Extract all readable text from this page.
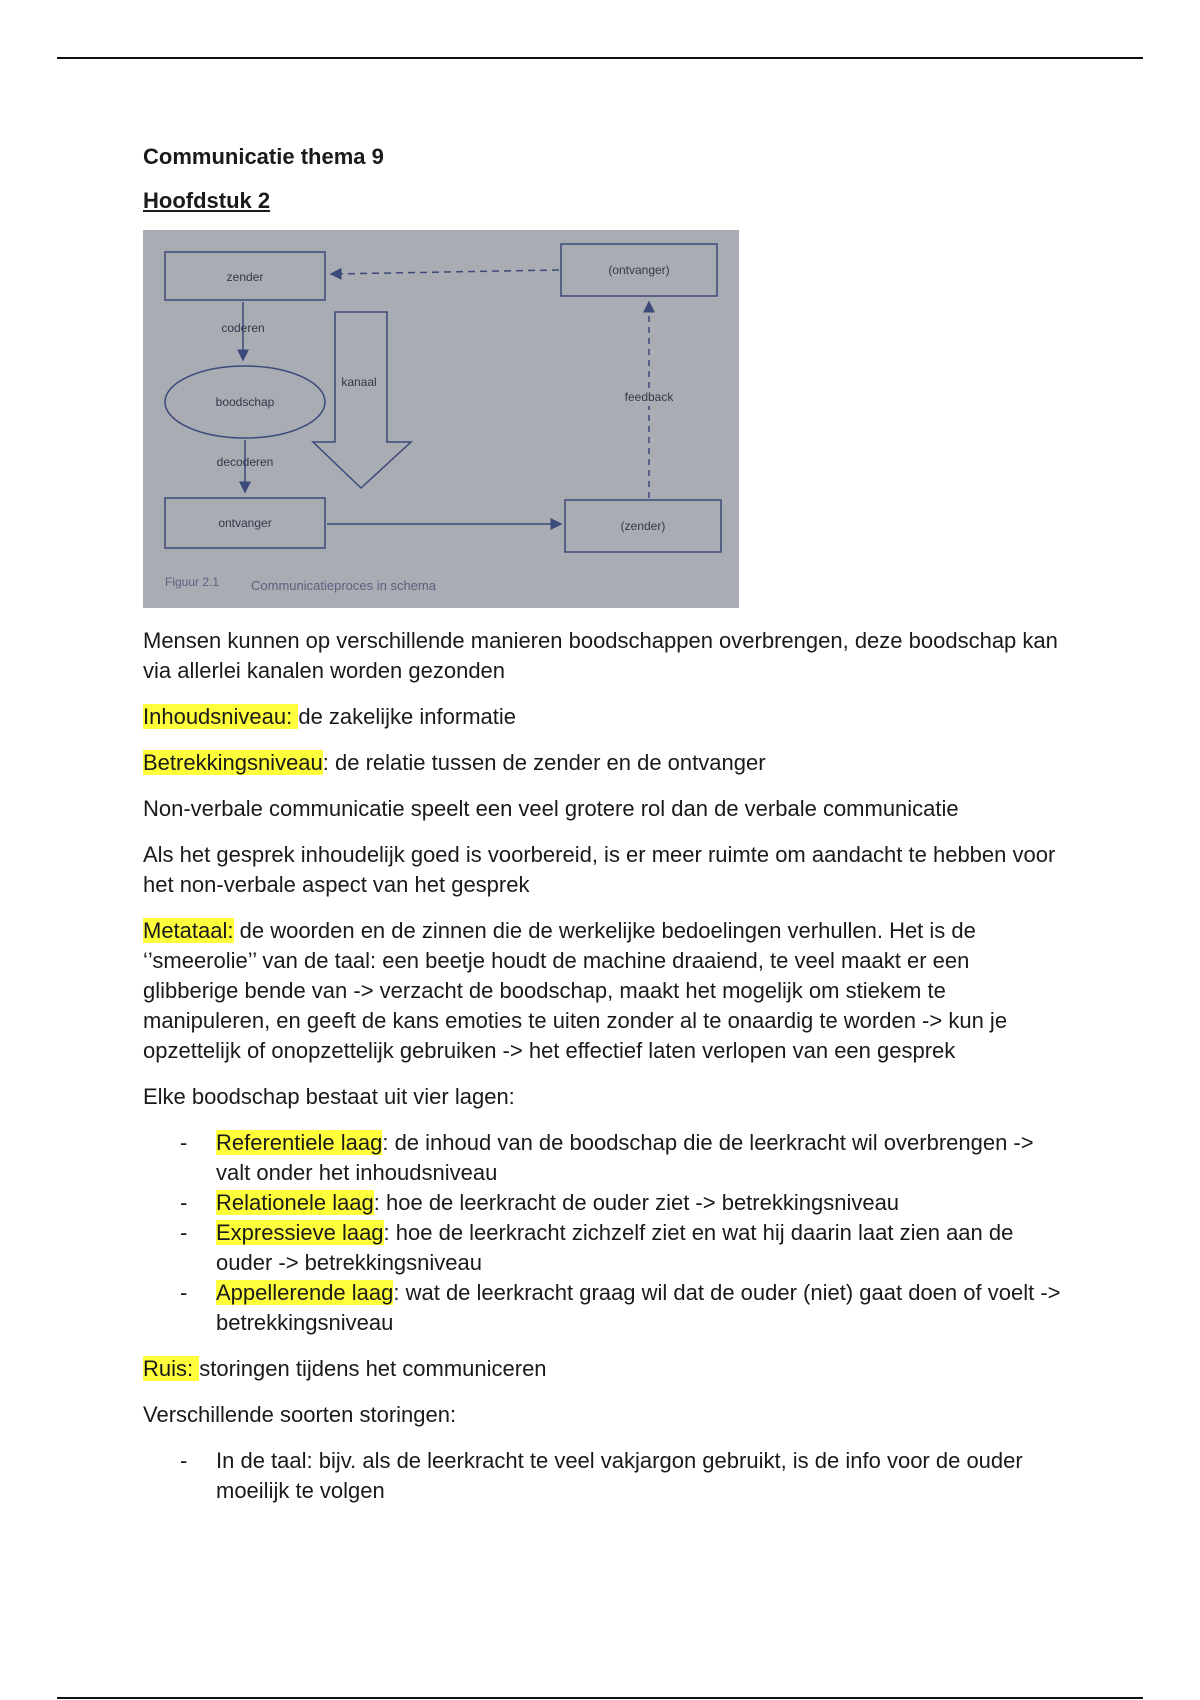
Communicatie thema 9
Hoofdstuk 2
zender	(ontvanger)
coderen
boodschap
kanaal
decoderen
ontvanger	(zender)
feedback
Figuur 2.1 Communicatieproces in schema

Mensen kunnen op verschillende manieren boodschappen overbrengen, deze boodschap kan via allerlei kanalen worden gezonden

Inhoudsniveau: de zakelijke informatie

Betrekkingsniveau: de relatie tussen de zender en de ontvanger

Non-verbale communicatie speelt een veel grotere rol dan de verbale communicatie

Als het gesprek inhoudelijk goed is voorbereid, is er meer ruimte om aandacht te hebben voor het non-verbale aspect van het gesprek

Metataal: de woorden en de zinnen die de werkelijke bedoelingen verhullen. Het is de ‘’smeerolie’’ van de taal: een beetje houdt de machine draaiend, te veel maakt er een glibberige bende van -> verzacht de boodschap, maakt het mogelijk om stiekem te manipuleren, en geeft de kans emoties te uiten zonder al te onaardig te worden -> kun je opzettelijk of onopzettelijk gebruiken -> het effectief laten verlopen van een gesprek

Elke boodschap bestaat uit vier lagen:

- Referentiele laag: de inhoud van de boodschap die de leerkracht wil overbrengen -> valt onder het inhoudsniveau
- Relationele laag: hoe de leerkracht de ouder ziet -> betrekkingsniveau
- Expressieve laag: hoe de leerkracht zichzelf ziet en wat hij daarin laat zien aan de ouder -> betrekkingsniveau
- Appellerende laag: wat de leerkracht graag wil dat de ouder (niet) gaat doen of voelt -> betrekkingsniveau

Ruis: storingen tijdens het communiceren

Verschillende soorten storingen:

- In de taal: bijv. als de leerkracht te veel vakjargon gebruikt, is de info voor de ouder moeilijk te volgen
